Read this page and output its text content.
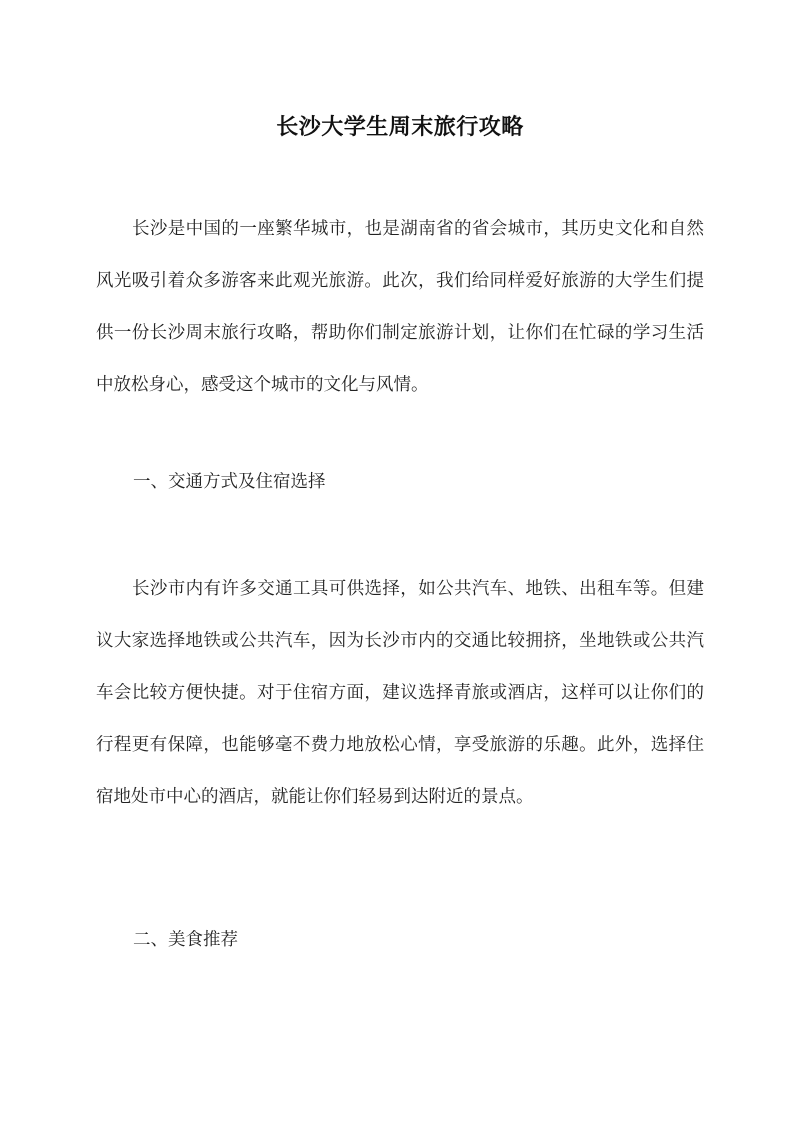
长沙大学生周末旅行攻略

长沙是中国的一座繁华城市，也是湖南省的省会城市，其历史文化和自然风光吸引着众多游客来此观光旅游。此次，我们给同样爱好旅游的大学生们提供一份长沙周末旅行攻略，帮助你们制定旅游计划，让你们在忙碌的学习生活中放松身心，感受这个城市的文化与风情。

一、交通方式及住宿选择

长沙市内有许多交通工具可供选择，如公共汽车、地铁、出租车等。但建议大家选择地铁或公共汽车，因为长沙市内的交通比较拥挤，坐地铁或公共汽车会比较方便快捷。对于住宿方面，建议选择青旅或酒店，这样可以让你们的行程更有保障，也能够毫不费力地放松心情，享受旅游的乐趣。此外，选择住宿地处市中心的酒店，就能让你们轻易到达附近的景点。

二、美食推荐
